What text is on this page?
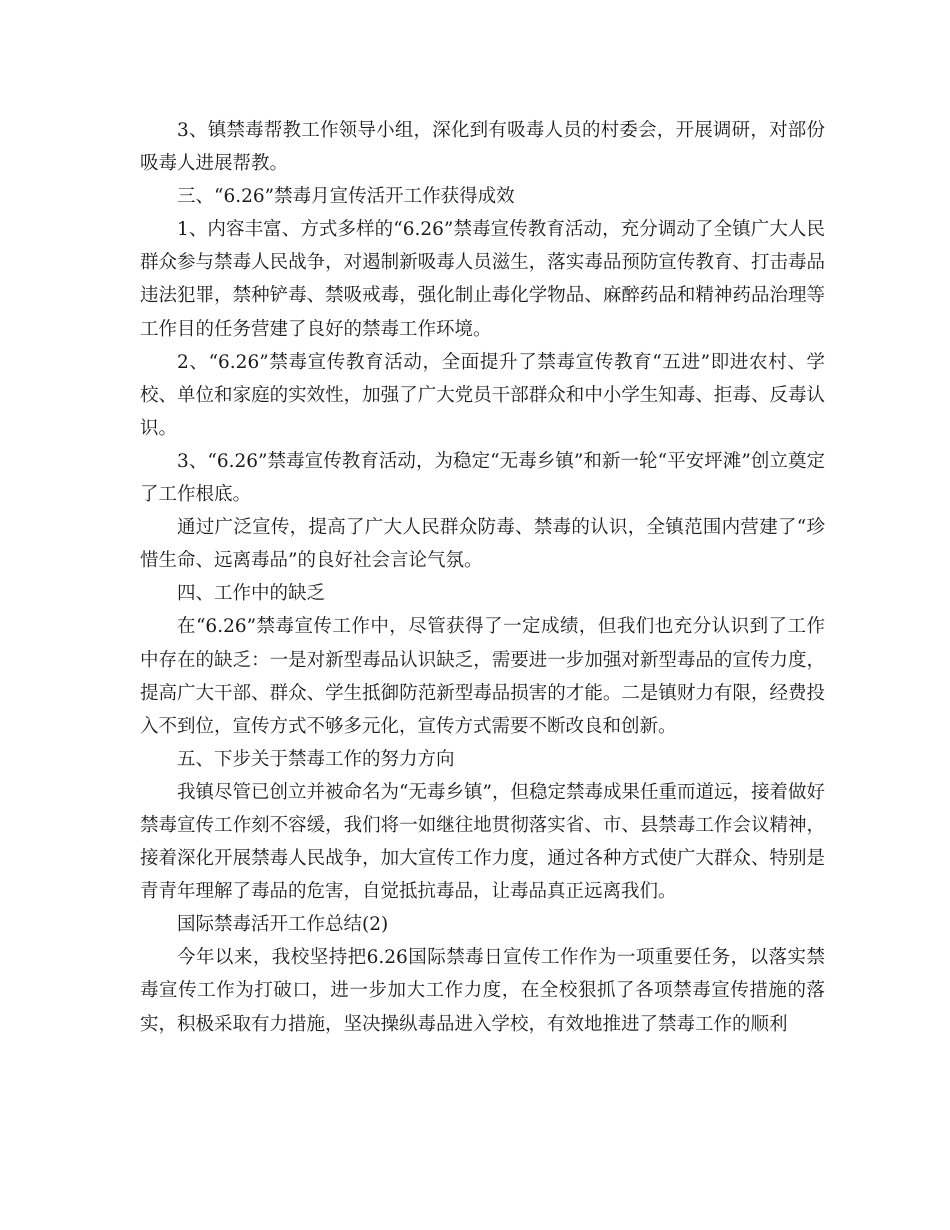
3、镇禁毒帮教工作领导小组，深化到有吸毒人员的村委会，开展调研，对部份吸毒人进展帮教。

三、“6.26”禁毒月宣传活开工作获得成效

1、内容丰富、方式多样的“6.26”禁毒宣传教育活动，充分调动了全镇广大人民群众参与禁毒人民战争，对遏制新吸毒人员滋生，落实毒品预防宣传教育、打击毒品违法犯罪，禁种铲毒、禁吸戒毒，强化制止毒化学物品、麻醉药品和精神药品治理等工作目的任务营建了良好的禁毒工作环境。

2、“6.26”禁毒宣传教育活动，全面提升了禁毒宣传教育“五进”即进农村、学校、单位和家庭的实效性，加强了广大党员干部群众和中小学生知毒、拒毒、反毒认识。

3、“6.26”禁毒宣传教育活动，为稳定“无毒乡镇”和新一轮“平安坪滩”创立奠定了工作根底。

通过广泛宣传，提高了广大人民群众防毒、禁毒的认识，全镇范围内营建了“珍惜生命、远离毒品”的良好社会言论气氛。

四、工作中的缺乏

在“6.26”禁毒宣传工作中，尽管获得了一定成绩，但我们也充分认识到了工作中存在的缺乏：一是对新型毒品认识缺乏，需要进一步加强对新型毒品的宣传力度，提高广大干部、群众、学生抵御防范新型毒品损害的才能。二是镇财力有限，经费投入不到位，宣传方式不够多元化，宣传方式需要不断改良和创新。

五、下步关于禁毒工作的努力方向

我镇尽管已创立并被命名为“无毒乡镇”，但稳定禁毒成果任重而道远，接着做好禁毒宣传工作刻不容缓，我们将一如继往地贯彻落实省、市、县禁毒工作会议精神，接着深化开展禁毒人民战争，加大宣传工作力度，通过各种方式使广大群众、特别是青青年理解了毒品的危害，自觉抵抗毒品，让毒品真正远离我们。

国际禁毒活开工作总结(2)

今年以来，我校坚持把6.26国际禁毒日宣传工作作为一项重要任务，以落实禁毒宣传工作为打破口，进一步加大工作力度，在全校狠抓了各项禁毒宣传措施的落实，积极采取有力措施，坚决操纵毒品进入学校，有效地推进了禁毒工作的顺利
